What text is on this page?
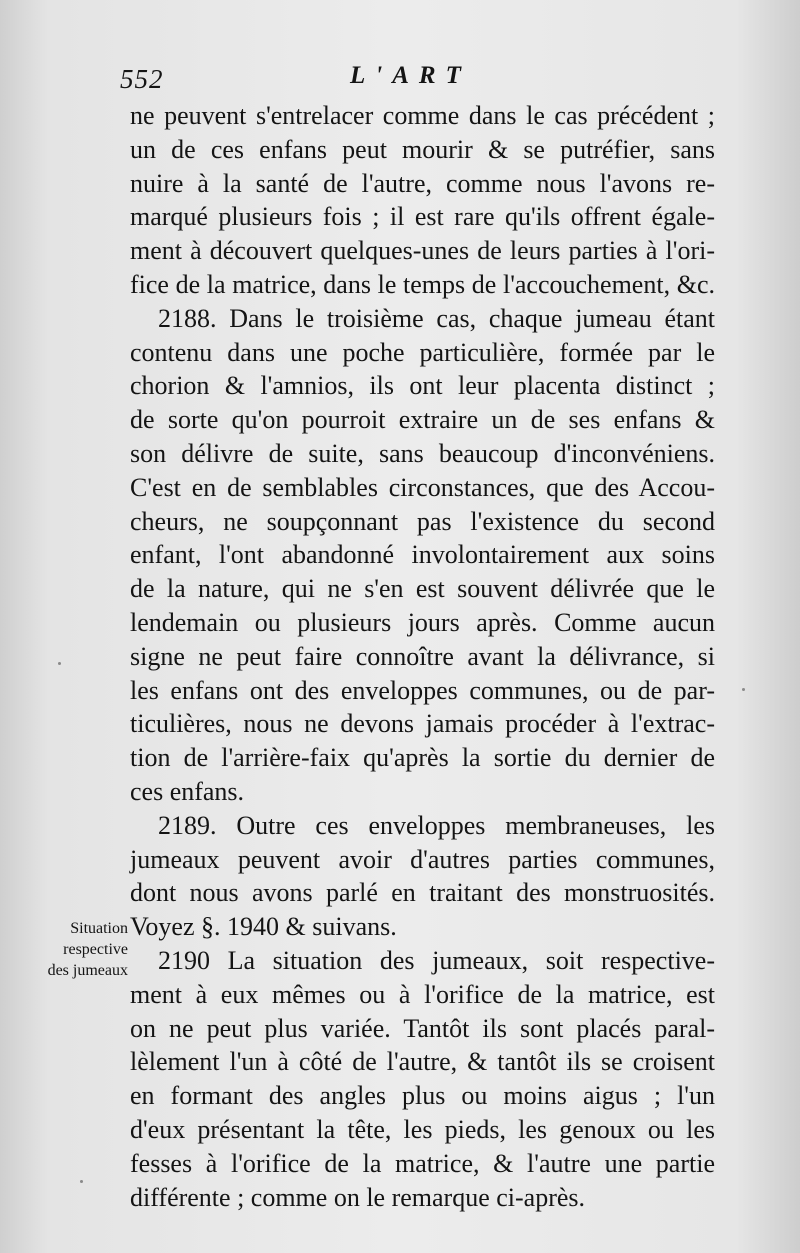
552	L'ART
Situation
respective
des jumeaux
ne peuvent s'entrelacer comme dans le cas précédent ;
un de ces enfans peut mourir & se putréfier, sans
nuire à la santé de l'autre, comme nous l'avons re-
marqué plusieurs fois ; il est rare qu'ils offrent égale-
ment à découvert quelques-unes de leurs parties à l'ori-
fice de la matrice, dans le temps de l'accouchement, &c.
2188. Dans le troisième cas, chaque jumeau étant
contenu dans une poche particulière, formée par le
chorion & l'amnios, ils ont leur placenta distinct ;
de sorte qu'on pourroit extraire un de ses enfans &
son délivre de suite, sans beaucoup d'inconvéniens.
C'est en de semblables circonstances, que des Accou-
cheurs, ne soupçonnant pas l'existence du second
enfant, l'ont abandonné involontairement aux soins
de la nature, qui ne s'en est souvent délivrée que le
lendemain ou plusieurs jours après. Comme aucun
signe ne peut faire connoître avant la délivrance, si
les enfans ont des enveloppes communes, ou de par-
ticulières, nous ne devons jamais procéder à l'extrac-
tion de l'arrière-faix qu'après la sortie du dernier de
ces enfans.
2189. Outre ces enveloppes membraneuses, les
jumeaux peuvent avoir d'autres parties communes,
dont nous avons parlé en traitant des monstruosités.
Voyez §. 1940 & suivans.
2190 La situation des jumeaux, soit respective-
ment à eux mêmes ou à l'orifice de la matrice, est
on ne peut plus variée. Tantôt ils sont placés paral-
lèlement l'un à côté de l'autre, & tantôt ils se croisent
en formant des angles plus ou moins aigus ; l'un
d'eux présentant la tête, les pieds, les genoux ou les
fesses à l'orifice de la matrice, & l'autre une partie
différente ; comme on le remarque ci-après.
